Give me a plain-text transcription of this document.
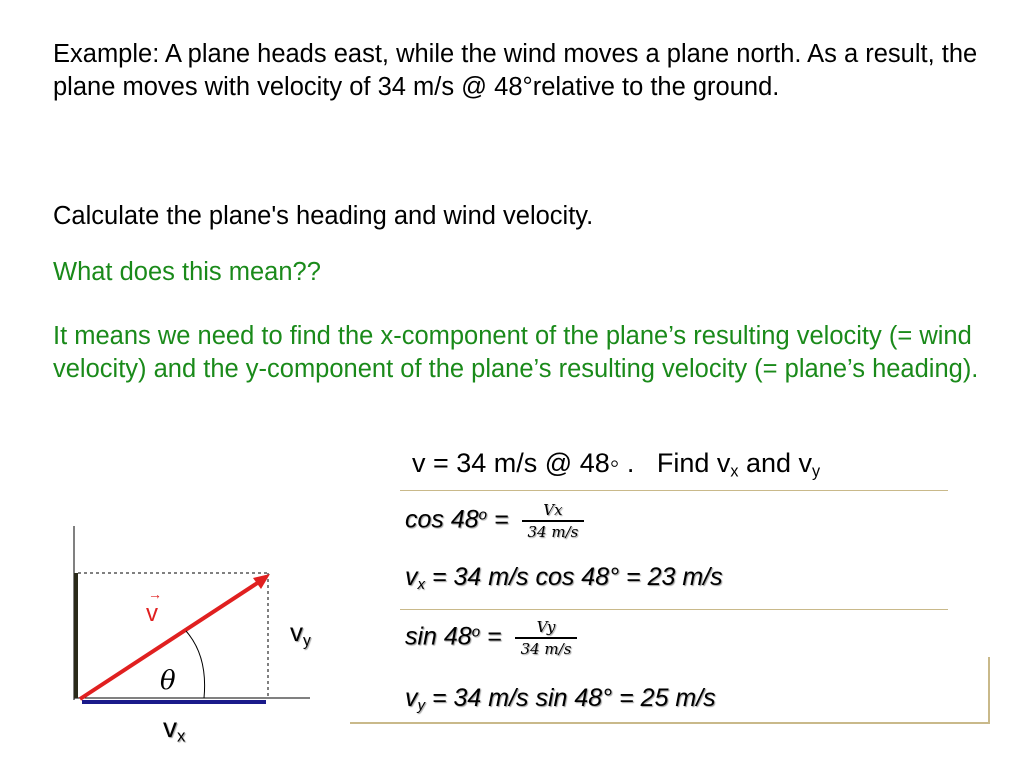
Example: A plane heads east, while the wind moves a plane north. As a result, the plane moves with velocity of 34 m/s @ 48°relative to the ground.

Calculate the plane's heading and wind velocity.

What does this mean??

It means we need to find the x-component of the plane’s resulting velocity (= wind velocity) and the y-component of the plane’s resulting velocity (= plane’s heading).

v = 34 m/s @ 48◦ . Find $v_x$ and $v_y$
$\cos 48^o = \frac{Vx}{34 m/s}$
$v_x = 34$ m/s cos 48° = 23 m/s
$\sin 48^o = \frac{Vy}{34 m/s}$
$v_y = 34$ m/s sin 48° = 25 m/s
→
v
θ
$v_y$
$v_x$
